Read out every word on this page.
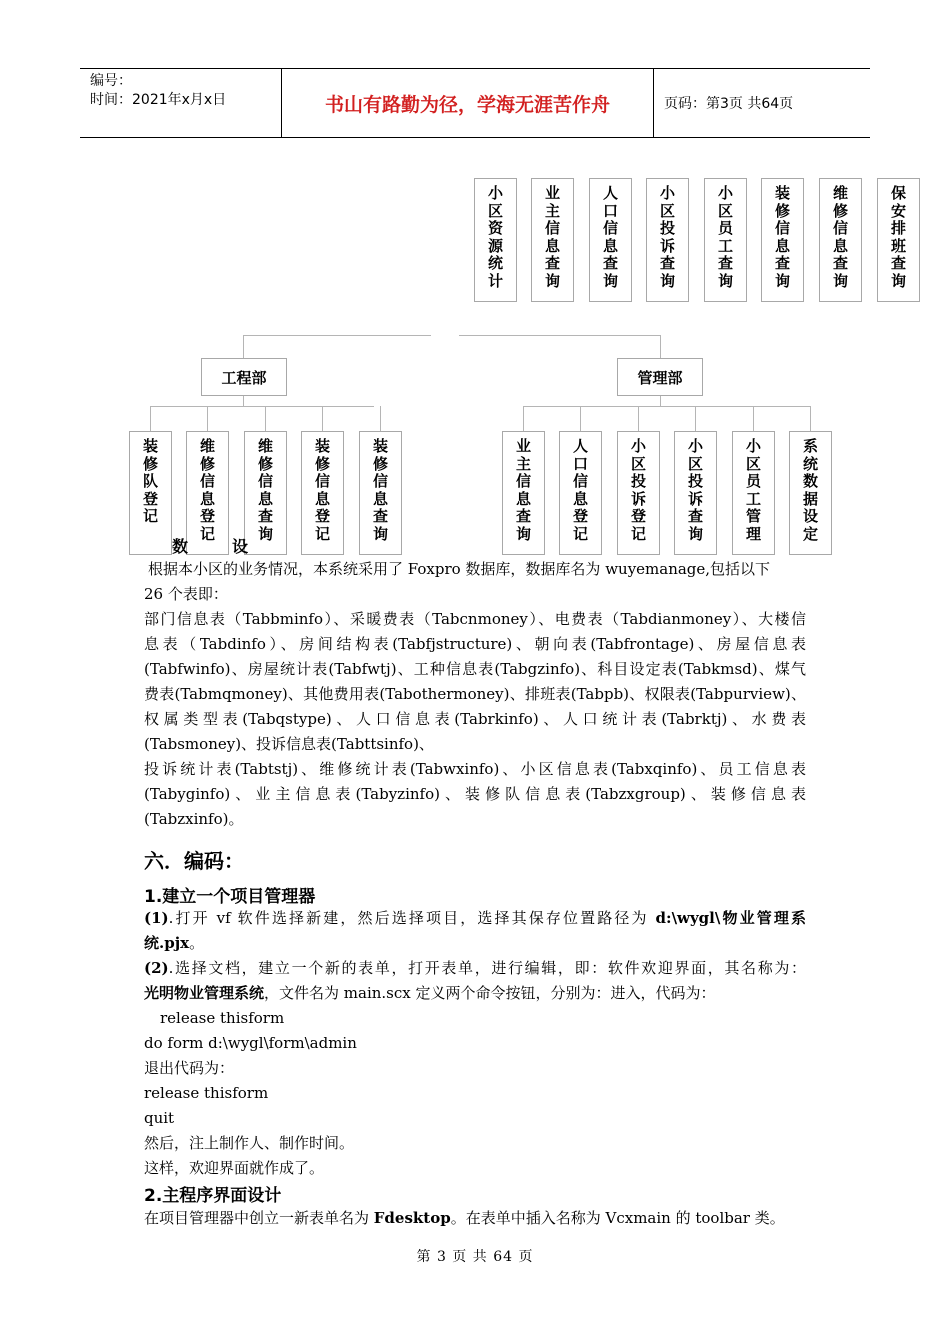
编号：
时间：2021年x月x日	书山有路勤为径，学海无涯苦作舟	页码：第3页 共64页
小
区
资
源
统
计
业
主
信
息
查
询
人
口
信
息
查
询
小
区
投
诉
查
询
小
区
员
工
查
询
装
修
信
息
查
询
维
修
信
息
查
询
保
安
排
班
查
询
工程部	管理部
装
修
队
登
记
维
修
信
息
登
记
维
修
信
息
查
询
装
修
信
息
登
记
装
修
信
息
查
询
业
主
信
息
查
询
人
口
信
息
登
记
小
区
投
诉
登
记
小
区
投
诉
查
询
小
区
员
工
管
理
系
统
数
据
设
定
数	设
根据本小区的业务情况，本系统采用了 Foxpro 数据库，数据库名为 wuyemanage,包括以下
26 个表即：
部门信息表（Tabbminfo）、采暖费表（Tabcnmoney）、电费表（Tabdianmoney）、大楼信
息表（Tabdinfo）、房间结构表(Tabfjstructure)、朝向表(Tabfrontage)、房屋信息表
(Tabfwinfo)、房屋统计表(Tabfwtj)、工种信息表(Tabgzinfo)、科目设定表(Tabkmsd)、煤气
费表(Tabmqmoney)、其他费用表(Tabothermoney)、排班表(Tabpb)、权限表(Tabpurview)、
权属类型表(Tabqstype)、人口信息表(Tabrkinfo)、人口统计表(Tabrktj)、水费表
(Tabsmoney)、投诉信息表(Tabttsinfo)、
投诉统计表(Tabtstj)、维修统计表(Tabwxinfo)、小区信息表(Tabxqinfo)、员工信息表
(Tabyginfo)、业主信息表(Tabyzinfo)、装修队信息表(Tabzxgroup)、装修信息表
(Tabzxinfo)。
六．编码：
1.建立一个项目管理器
(1).打开 vf 软件选择新建，然后选择项目，选择其保存位置路径为 d:\wygl\物业管理系
统.pjx。
(2).选择文档，建立一个新的表单，打开表单，进行编辑，即：软件欢迎界面，其名称为：
光明物业管理系统，文件名为 main.scx 定义两个命令按钮，分别为：进入，代码为：
release thisform
do form d:\wygl\form\admin
退出代码为：
release thisform
quit
然后，注上制作人、制作时间。
这样，欢迎界面就作成了。
2.主程序界面设计
在项目管理器中创立一新表单名为 Fdesktop。在表单中插入名称为 Vcxmain 的 toolbar 类。
第 3 页 共 64 页
